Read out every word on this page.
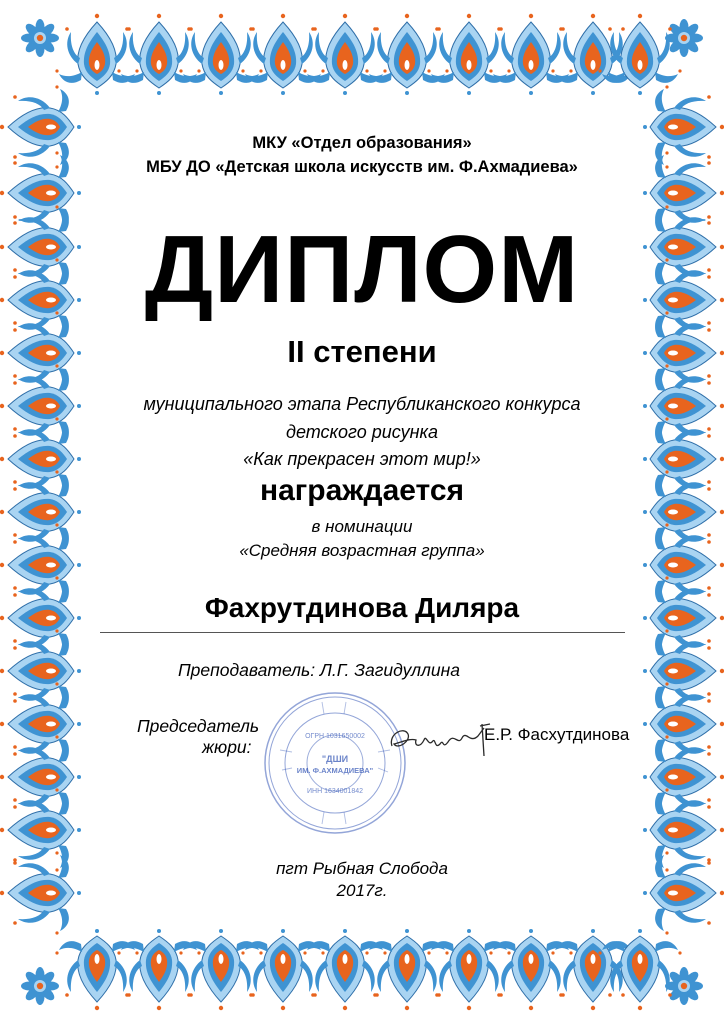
МКУ «Отдел образования»
МБУ ДО «Детская школа искусств им. Ф.Ахмадиева»
ДИПЛОМ
II степени
муниципального этапа Республиканского конкурса
детского рисунка
«Как прекрасен этот мир!»
награждается
в номинации
«Средняя возрастная группа»
Фахрутдинова Диляра
Преподаватель: Л.Г. Загидуллина
Председатель
жюри:
ОГРН 1031650002
"ДШИ
ИМ. Ф.АХМАДИЕВА"
ИНН 1634001842
Е.Р. Фасхутдинова
пгт Рыбная Слобода
2017г.
